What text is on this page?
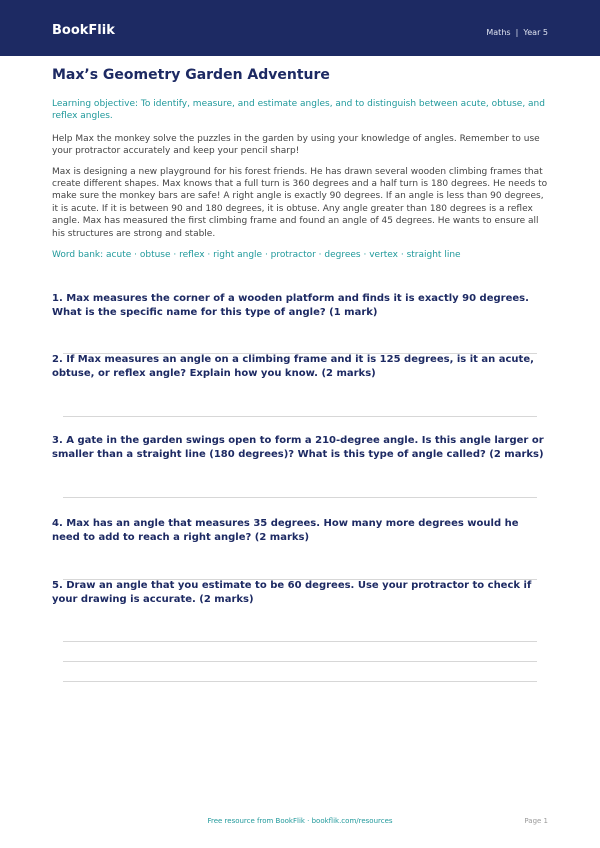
BookFlik	Maths  |  Year 5
Max’s Geometry Garden Adventure

Learning objective: To identify, measure, and estimate angles, and to distinguish between acute, obtuse, and reflex angles.

Help Max the monkey solve the puzzles in the garden by using your knowledge of angles. Remember to use your protractor accurately and keep your pencil sharp!

Max is designing a new playground for his forest friends. He has drawn several wooden climbing frames that create different shapes. Max knows that a full turn is 360 degrees and a half turn is 180 degrees. He needs to make sure the monkey bars are safe! A right angle is exactly 90 degrees. If an angle is less than 90 degrees, it is acute. If it is between 90 and 180 degrees, it is obtuse. Any angle greater than 180 degrees is a reflex angle. Max has measured the first climbing frame and found an angle of 45 degrees. He wants to ensure all his structures are strong and stable.

Word bank: acute · obtuse · reflex · right angle · protractor · degrees · vertex · straight line

1. Max measures the corner of a wooden platform and finds it is exactly 90 degrees. What is the specific name for this type of angle? (1 mark)

2. If Max measures an angle on a climbing frame and it is 125 degrees, is it an acute, obtuse, or reflex angle? Explain how you know. (2 marks)

3. A gate in the garden swings open to form a 210-degree angle. Is this angle larger or smaller than a straight line (180 degrees)? What is this type of angle called? (2 marks)

4. Max has an angle that measures 35 degrees. How many more degrees would he need to add to reach a right angle? (2 marks)

5. Draw an angle that you estimate to be 60 degrees. Use your protractor to check if your drawing is accurate. (2 marks)

Free resource from BookFlik · bookflik.com/resources	Page 1
